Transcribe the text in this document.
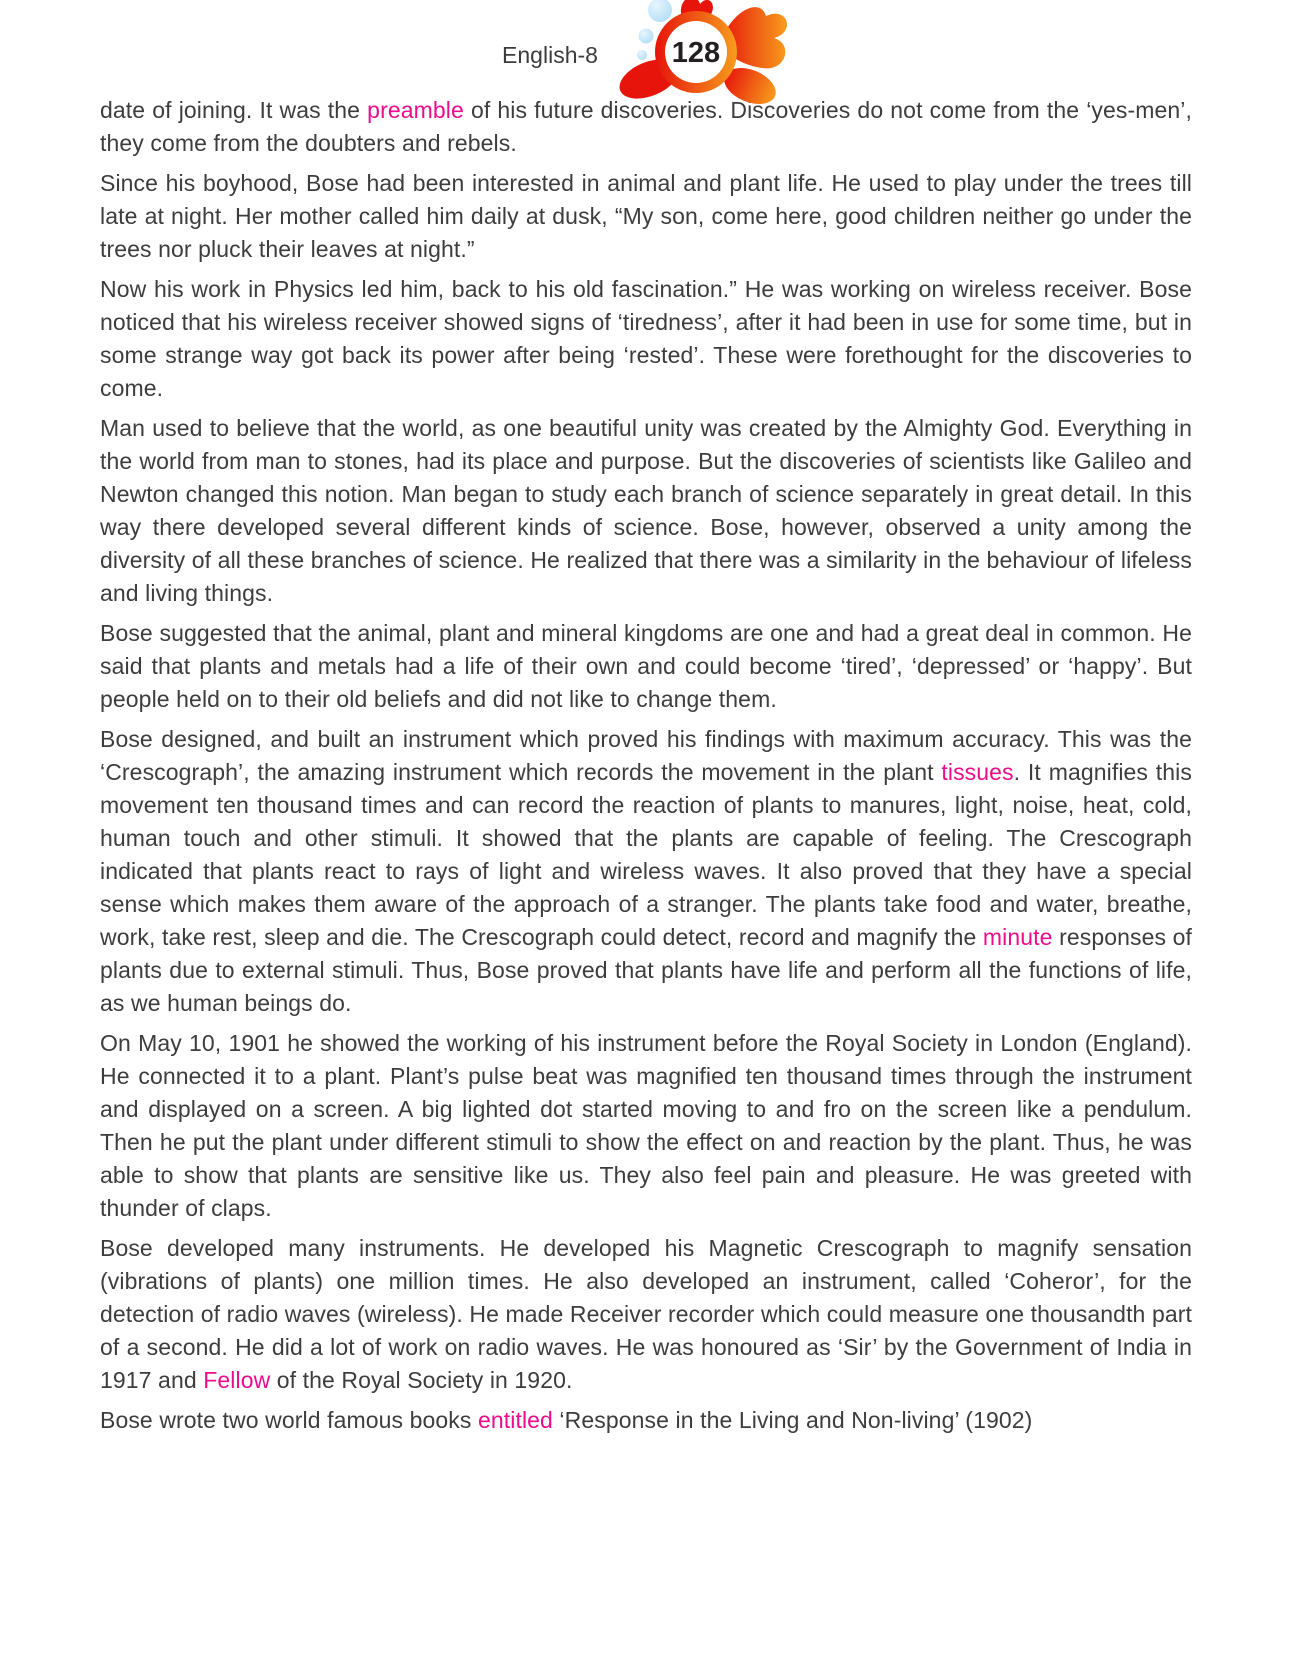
date of joining. It was the preamble of his future discoveries. Discoveries do not come from the ‘yes-men’, they come from the doubters and rebels.

Since his boyhood, Bose had been interested in animal and plant life. He used to play under the trees till late at night. Her mother called him daily at dusk, “My son, come here, good children neither go under the trees nor pluck their leaves at night.”

Now his work in Physics led him, back to his old fascination.” He was working on wireless receiver. Bose noticed that his wireless receiver showed signs of ‘tiredness’, after it had been in use for some time, but in some strange way got back its power after being ‘rested’. These were forethought for the discoveries to come.

Man used to believe that the world, as one beautiful unity was created by the Almighty God. Everything in the world from man to stones, had its place and purpose. But the discoveries of scientists like Galileo and Newton changed this notion. Man began to study each branch of science separately in great detail. In this way there developed several different kinds of science. Bose, however, observed a unity among the diversity of all these branches of science. He realized that there was a similarity in the behaviour of lifeless and living things.

Bose suggested that the animal, plant and mineral kingdoms are one and had a great deal in common. He said that plants and metals had a life of their own and could become ‘tired’, ‘depressed’ or ‘happy’. But people held on to their old beliefs and did not like to change them.

Bose designed, and built an instrument which proved his findings with maximum accuracy. This was the ‘Crescograph’, the amazing instrument which records the movement in the plant tissues. It magnifies this movement ten thousand times and can record the reaction of plants to manures, light, noise, heat, cold, human touch and other stimuli. It showed that the plants are capable of feeling. The Crescograph indicated that plants react to rays of light and wireless waves. It also proved that they have a special sense which makes them aware of the approach of a stranger. The plants take food and water, breathe, work, take rest, sleep and die. The Crescograph could detect, record and magnify the minute responses of plants due to external stimuli. Thus, Bose proved that plants have life and perform all the functions of life, as we human beings do.

On May 10, 1901 he showed the working of his instrument before the Royal Society in London (England). He connected it to a plant. Plant’s pulse beat was magnified ten thousand times through the instrument and displayed on a screen. A big lighted dot started moving to and fro on the screen like a pendulum. Then he put the plant under different stimuli to show the effect on and reaction by the plant. Thus, he was able to show that plants are sensitive like us. They also feel pain and pleasure. He was greeted with thunder of claps.

Bose developed many instruments. He developed his Magnetic Crescograph to magnify sensation (vibrations of plants) one million times. He also developed an instrument, called ‘Coheror’, for the detection of radio waves (wireless). He made Receiver recorder which could measure one thousandth part of a second. He did a lot of work on radio waves. He was honoured as ‘Sir’ by the Government of India in 1917 and Fellow of the Royal Society in 1920.

Bose wrote two world famous books entitled ‘Response in the Living and Non-living’ (1902)

English-8	128
